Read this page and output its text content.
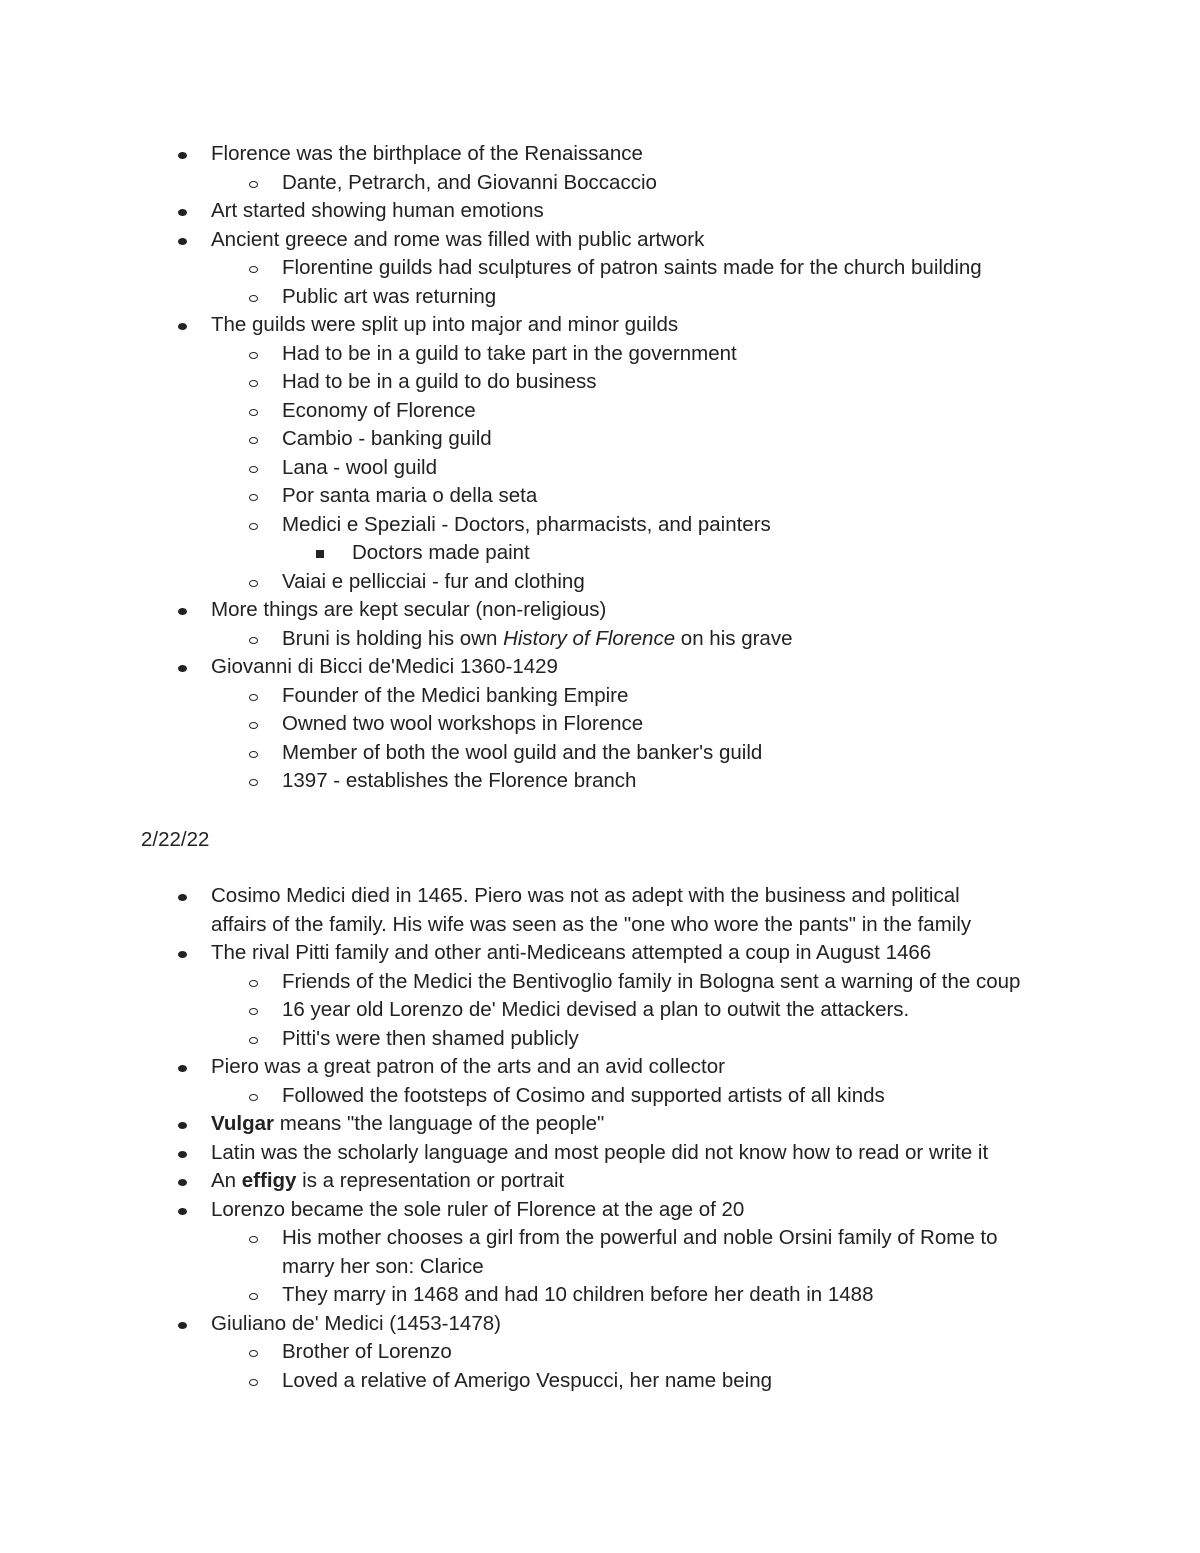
Florence was the birthplace of the Renaissance
Dante, Petrarch, and Giovanni Boccaccio
Art started showing human emotions
Ancient greece and rome was filled with public artwork
Florentine guilds had sculptures of patron saints made for the church building
Public art was returning
The guilds were split up into major and minor guilds
Had to be in a guild to take part in the government
Had to be in a guild to do business
Economy of Florence
Cambio - banking guild
Lana - wool guild
Por santa maria o della seta
Medici e Speziali - Doctors, pharmacists, and painters
Doctors made paint
Vaiai e pellicciai - fur and clothing
More things are kept secular (non-religious)
Bruni is holding his own History of Florence on his grave
Giovanni di Bicci de'Medici 1360-1429
Founder of the Medici banking Empire
Owned two wool workshops in Florence
Member of both the wool guild and the banker's guild
1397 - establishes the Florence branch
2/22/22
Cosimo Medici died in 1465. Piero was not as adept with the business and political
affairs of the family. His wife was seen as the "one who wore the pants" in the family
The rival Pitti family and other anti-Mediceans attempted a coup in August 1466
Friends of the Medici the Bentivoglio family in Bologna sent a warning of the coup
16 year old Lorenzo de' Medici devised a plan to outwit the attackers.
Pitti's were then shamed publicly
Piero was a great patron of the arts and an avid collector
Followed the footsteps of Cosimo and supported artists of all kinds
Vulgar means "the language of the people"
Latin was the scholarly language and most people did not know how to read or write it
An effigy is a representation or portrait
Lorenzo became the sole ruler of Florence at the age of 20
His mother chooses a girl from the powerful and noble Orsini family of Rome to
marry her son: Clarice
They marry in 1468 and had 10 children before her death in 1488
Giuliano de' Medici (1453-1478)
Brother of Lorenzo
Loved a relative of Amerigo Vespucci, her name being
